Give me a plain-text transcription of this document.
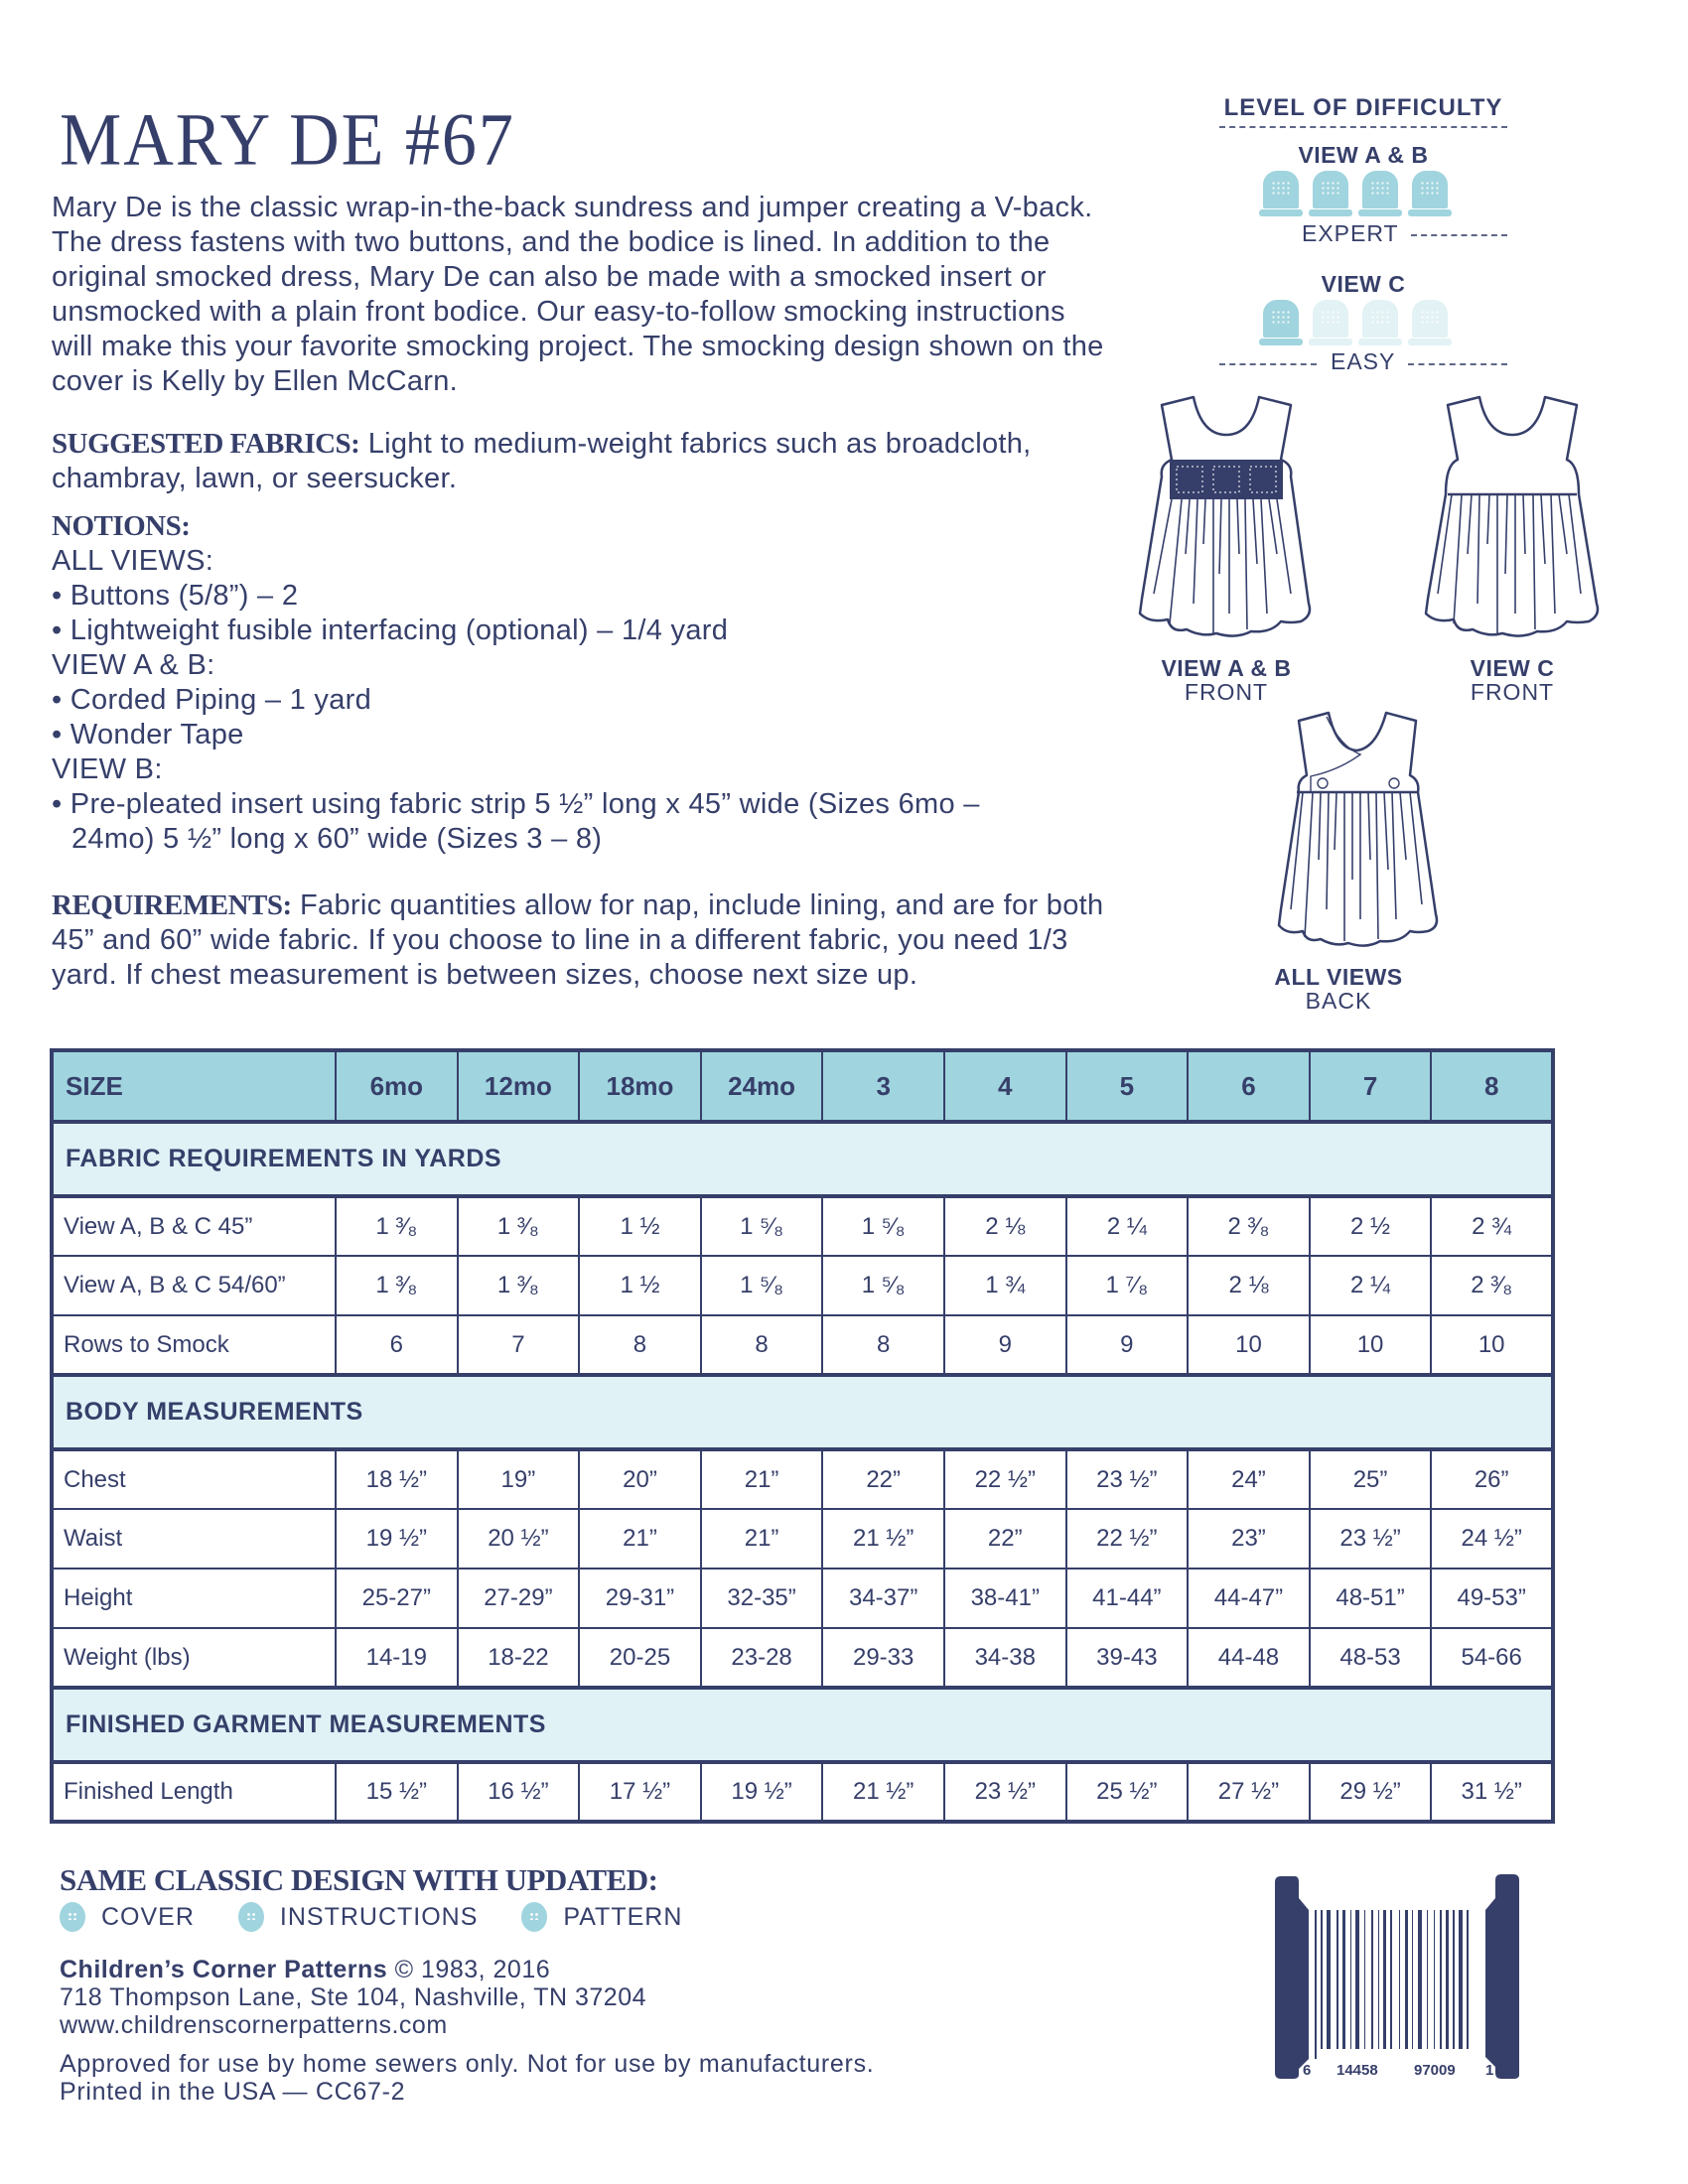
MARY DE #67

Mary De is the classic wrap-in-the-back sundress and jumper creating a V-back. The dress fastens with two buttons, and the bodice is lined. In addition to the original smocked dress, Mary De can also be made with a smocked insert or unsmocked with a plain front bodice. Our easy-to-follow smocking instructions will make this your favorite smocking project. The smocking design shown on the cover is Kelly by Ellen McCarn.

SUGGESTED FABRICS: Light to medium-weight fabrics such as broadcloth, chambray, lawn, or seersucker.

NOTIONS:
ALL VIEWS:
• Buttons (5/8”) – 2
• Lightweight fusible interfacing (optional) – 1/4 yard
VIEW A & B:
• Corded Piping – 1 yard
• Wonder Tape
VIEW B:
• Pre-pleated insert using fabric strip 5 ½” long x 45” wide (Sizes 6mo –
24mo) 5 ½” long x 60” wide (Sizes 3 – 8)

REQUIREMENTS: Fabric quantities allow for nap, include lining, and are for both 45” and 60” wide fabric. If you choose to line in a different fabric, you need 1/3 yard. If chest measurement is between sizes, choose next size up.

LEVEL OF DIFFICULTY
VIEW A & B
EXPERT
VIEW C
EASY
VIEW A & B
FRONT
VIEW C
FRONT
ALL VIEWS
BACK
SIZE	6mo	12mo	18mo	24mo	3	4	5	6	7	8
FABRIC REQUIREMENTS IN YARDS										
View A, B & C 45”	1 ³⁄₈	1 ³⁄₈	1 ½	1 ⁵⁄₈	1 ⁵⁄₈	2 ⅛	2 ¼	2 ³⁄₈	2 ½	2 ¾
View A, B & C 54/60”	1 ³⁄₈	1 ³⁄₈	1 ½	1 ⁵⁄₈	1 ⁵⁄₈	1 ¾	1 ⁷⁄₈	2 ⅛	2 ¼	2 ³⁄₈
Rows to Smock	6	7	8	8	8	9	9	10	10	10
BODY MEASUREMENTS										
Chest	18 ½”	19”	20”	21”	22”	22 ½”	23 ½”	24”	25”	26”
Waist	19 ½”	20 ½”	21”	21”	21 ½”	22”	22 ½”	23”	23 ½”	24 ½”
Height	25-27”	27-29”	29-31”	32-35”	34-37”	38-41”	41-44”	44-47”	48-51”	49-53”
Weight (lbs)	14-19	18-22	20-25	23-28	29-33	34-38	39-43	44-48	48-53	54-66
FINISHED GARMENT MEASUREMENTS										
Finished Length	15 ½”	16 ½”	17 ½”	19 ½”	21 ½”	23 ½”	25 ½”	27 ½”	29 ½”	31 ½”
SAME CLASSIC DESIGN WITH UPDATED:
COVER	INSTRUCTIONS	PATTERN
Children’s Corner Patterns © 1983, 2016
718 Thompson Lane, Ste 104, Nashville, TN 37204
www.childrenscornerpatterns.com
Approved for use by home sewers only. Not for use by manufacturers.
Printed in the USA — CC67-2
6 14458 97009 1
